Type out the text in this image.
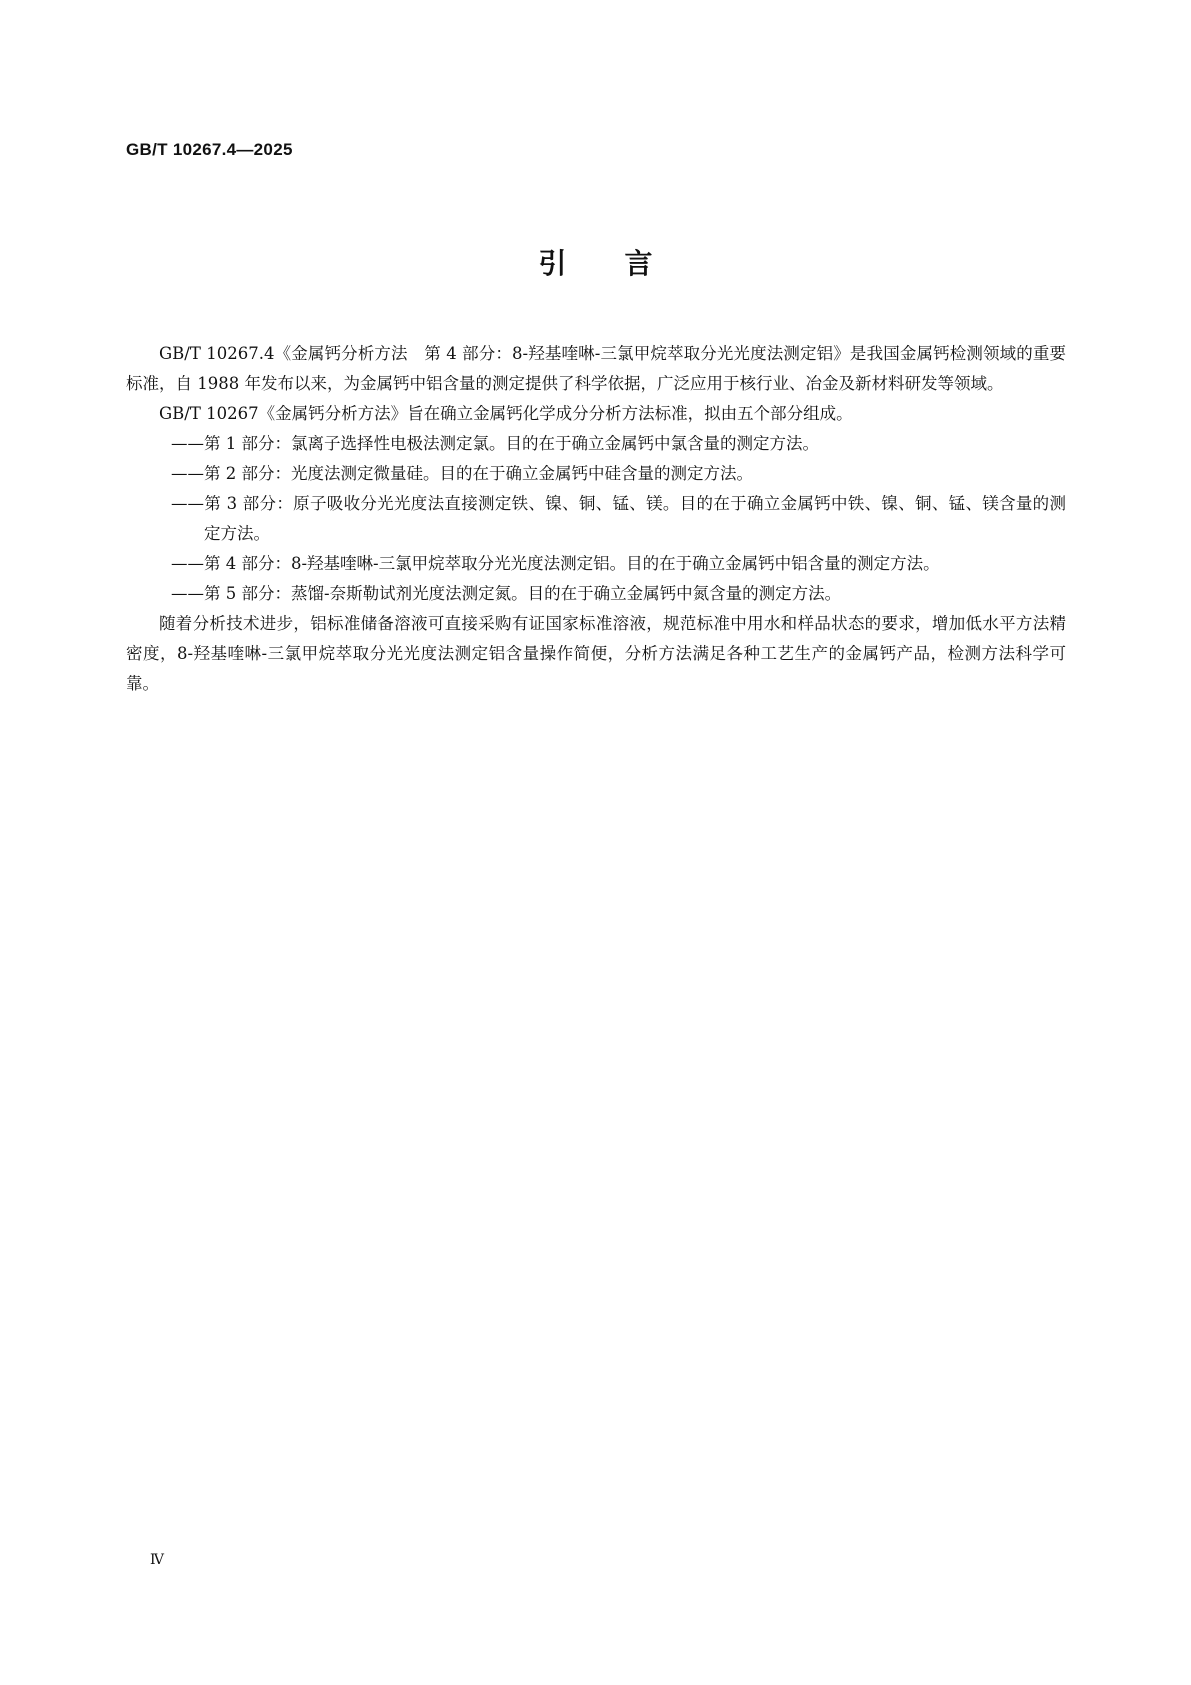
GB/T 10267.4—2025
引 言

GB/T 10267.4《金属钙分析方法　第 4 部分：8-羟基喹啉-三氯甲烷萃取分光光度法测定铝》是我国金属钙检测领域的重要标准，自 1988 年发布以来，为金属钙中铝含量的测定提供了科学依据，广泛应用于核行业、冶金及新材料研发等领域。

GB/T 10267《金属钙分析方法》旨在确立金属钙化学成分分析方法标准，拟由五个部分组成。

——第 1 部分：氯离子选择性电极法测定氯。目的在于确立金属钙中氯含量的测定方法。

——第 2 部分：光度法测定微量硅。目的在于确立金属钙中硅含量的测定方法。

——第 3 部分：原子吸收分光光度法直接测定铁、镍、铜、锰、镁。目的在于确立金属钙中铁、镍、铜、锰、镁含量的测定方法。

——第 4 部分：8-羟基喹啉-三氯甲烷萃取分光光度法测定铝。目的在于确立金属钙中铝含量的测定方法。

——第 5 部分：蒸馏-奈斯勒试剂光度法测定氮。目的在于确立金属钙中氮含量的测定方法。

随着分析技术进步，铝标准储备溶液可直接采购有证国家标准溶液，规范标准中用水和样品状态的要求，增加低水平方法精密度，8-羟基喹啉-三氯甲烷萃取分光光度法测定铝含量操作简便，分析方法满足各种工艺生产的金属钙产品，检测方法科学可靠。

Ⅳ
